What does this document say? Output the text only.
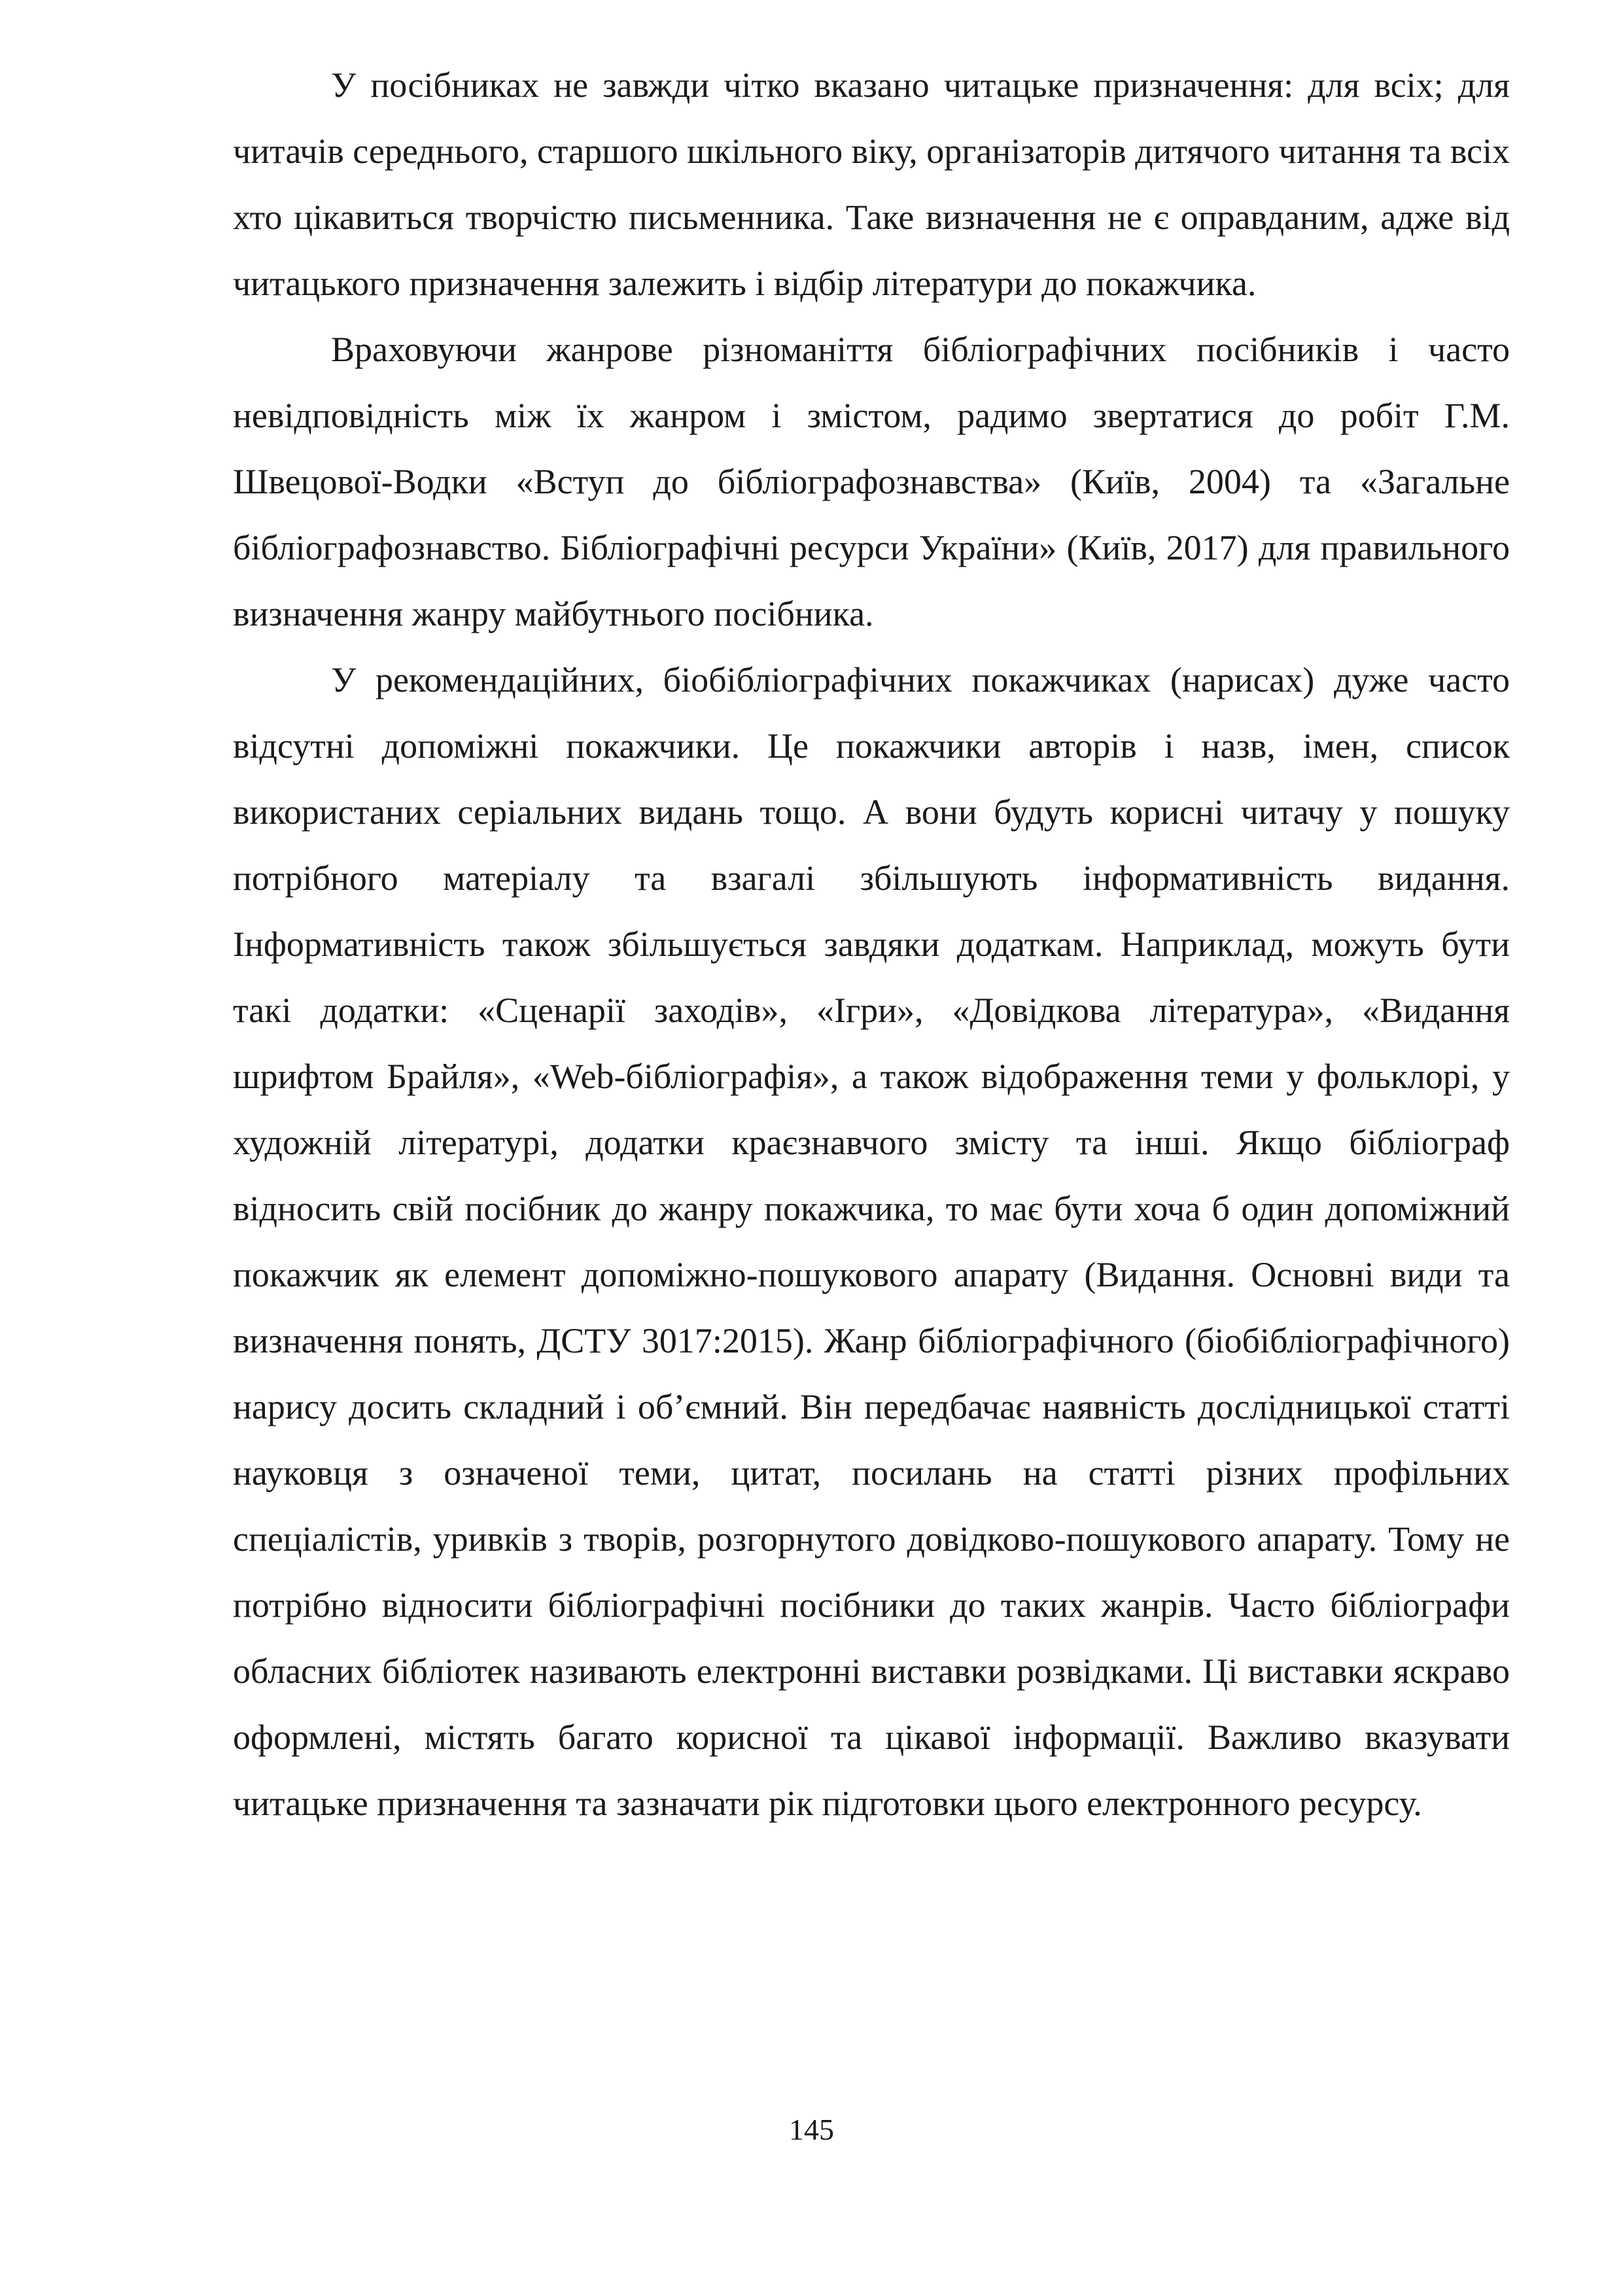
У посібниках не завжди чітко вказано читацьке призначення: для всіх; для читачів середнього, старшого шкільного віку, організаторів дитячого читання та всіх хто цікавиться творчістю письменника. Таке визначення не є оправданим, адже від читацького призначення залежить і відбір літератури до покажчика.

Враховуючи жанрове різноманіття бібліографічних посібників і часто невідповідність між їх жанром і змістом, радимо звертатися до робіт Г.М. Швецової-Водки «Вступ до бібліографознавства» (Київ, 2004) та «Загальне бібліографознавство. Бібліографічні ресурси України» (Київ, 2017) для правильного визначення жанру майбутнього посібника.

У рекомендаційних, біобібліографічних покажчиках (нарисах) дуже часто відсутні допоміжні покажчики. Це покажчики авторів і назв, імен, список використаних серіальних видань тощо. А вони будуть корисні читачу у пошуку потрібного матеріалу та взагалі збільшують інформативність видання. Інформативність також збільшується завдяки додаткам. Наприклад, можуть бути такі додатки: «Сценарії заходів», «Ігри», «Довідкова література», «Видання шрифтом Брайля», «Web-бібліографія», а також відображення теми у фольклорі, у художній літературі, додатки краєзнавчого змісту та інші. Якщо бібліограф відносить свій посібник до жанру покажчика, то має бути хоча б один допоміжний покажчик як елемент допоміжно-пошукового апарату (Видання. Основні види та визначення понять, ДСТУ 3017:2015). Жанр бібліографічного (біобібліографічного) нарису досить складний і об’ємний. Він передбачає наявність дослідницької статті науковця з означеної теми, цитат, посилань на статті різних профільних спеціалістів, уривків з творів, розгорнутого довідково-пошукового апарату. Тому не потрібно відносити бібліографічні посібники до таких жанрів. Часто бібліографи обласних бібліотек називають електронні виставки розвідками. Ці виставки яскраво оформлені, містять багато корисної та цікавої інформації. Важливо вказувати читацьке призначення та зазначати рік підготовки цього електронного ресурсу.

145
